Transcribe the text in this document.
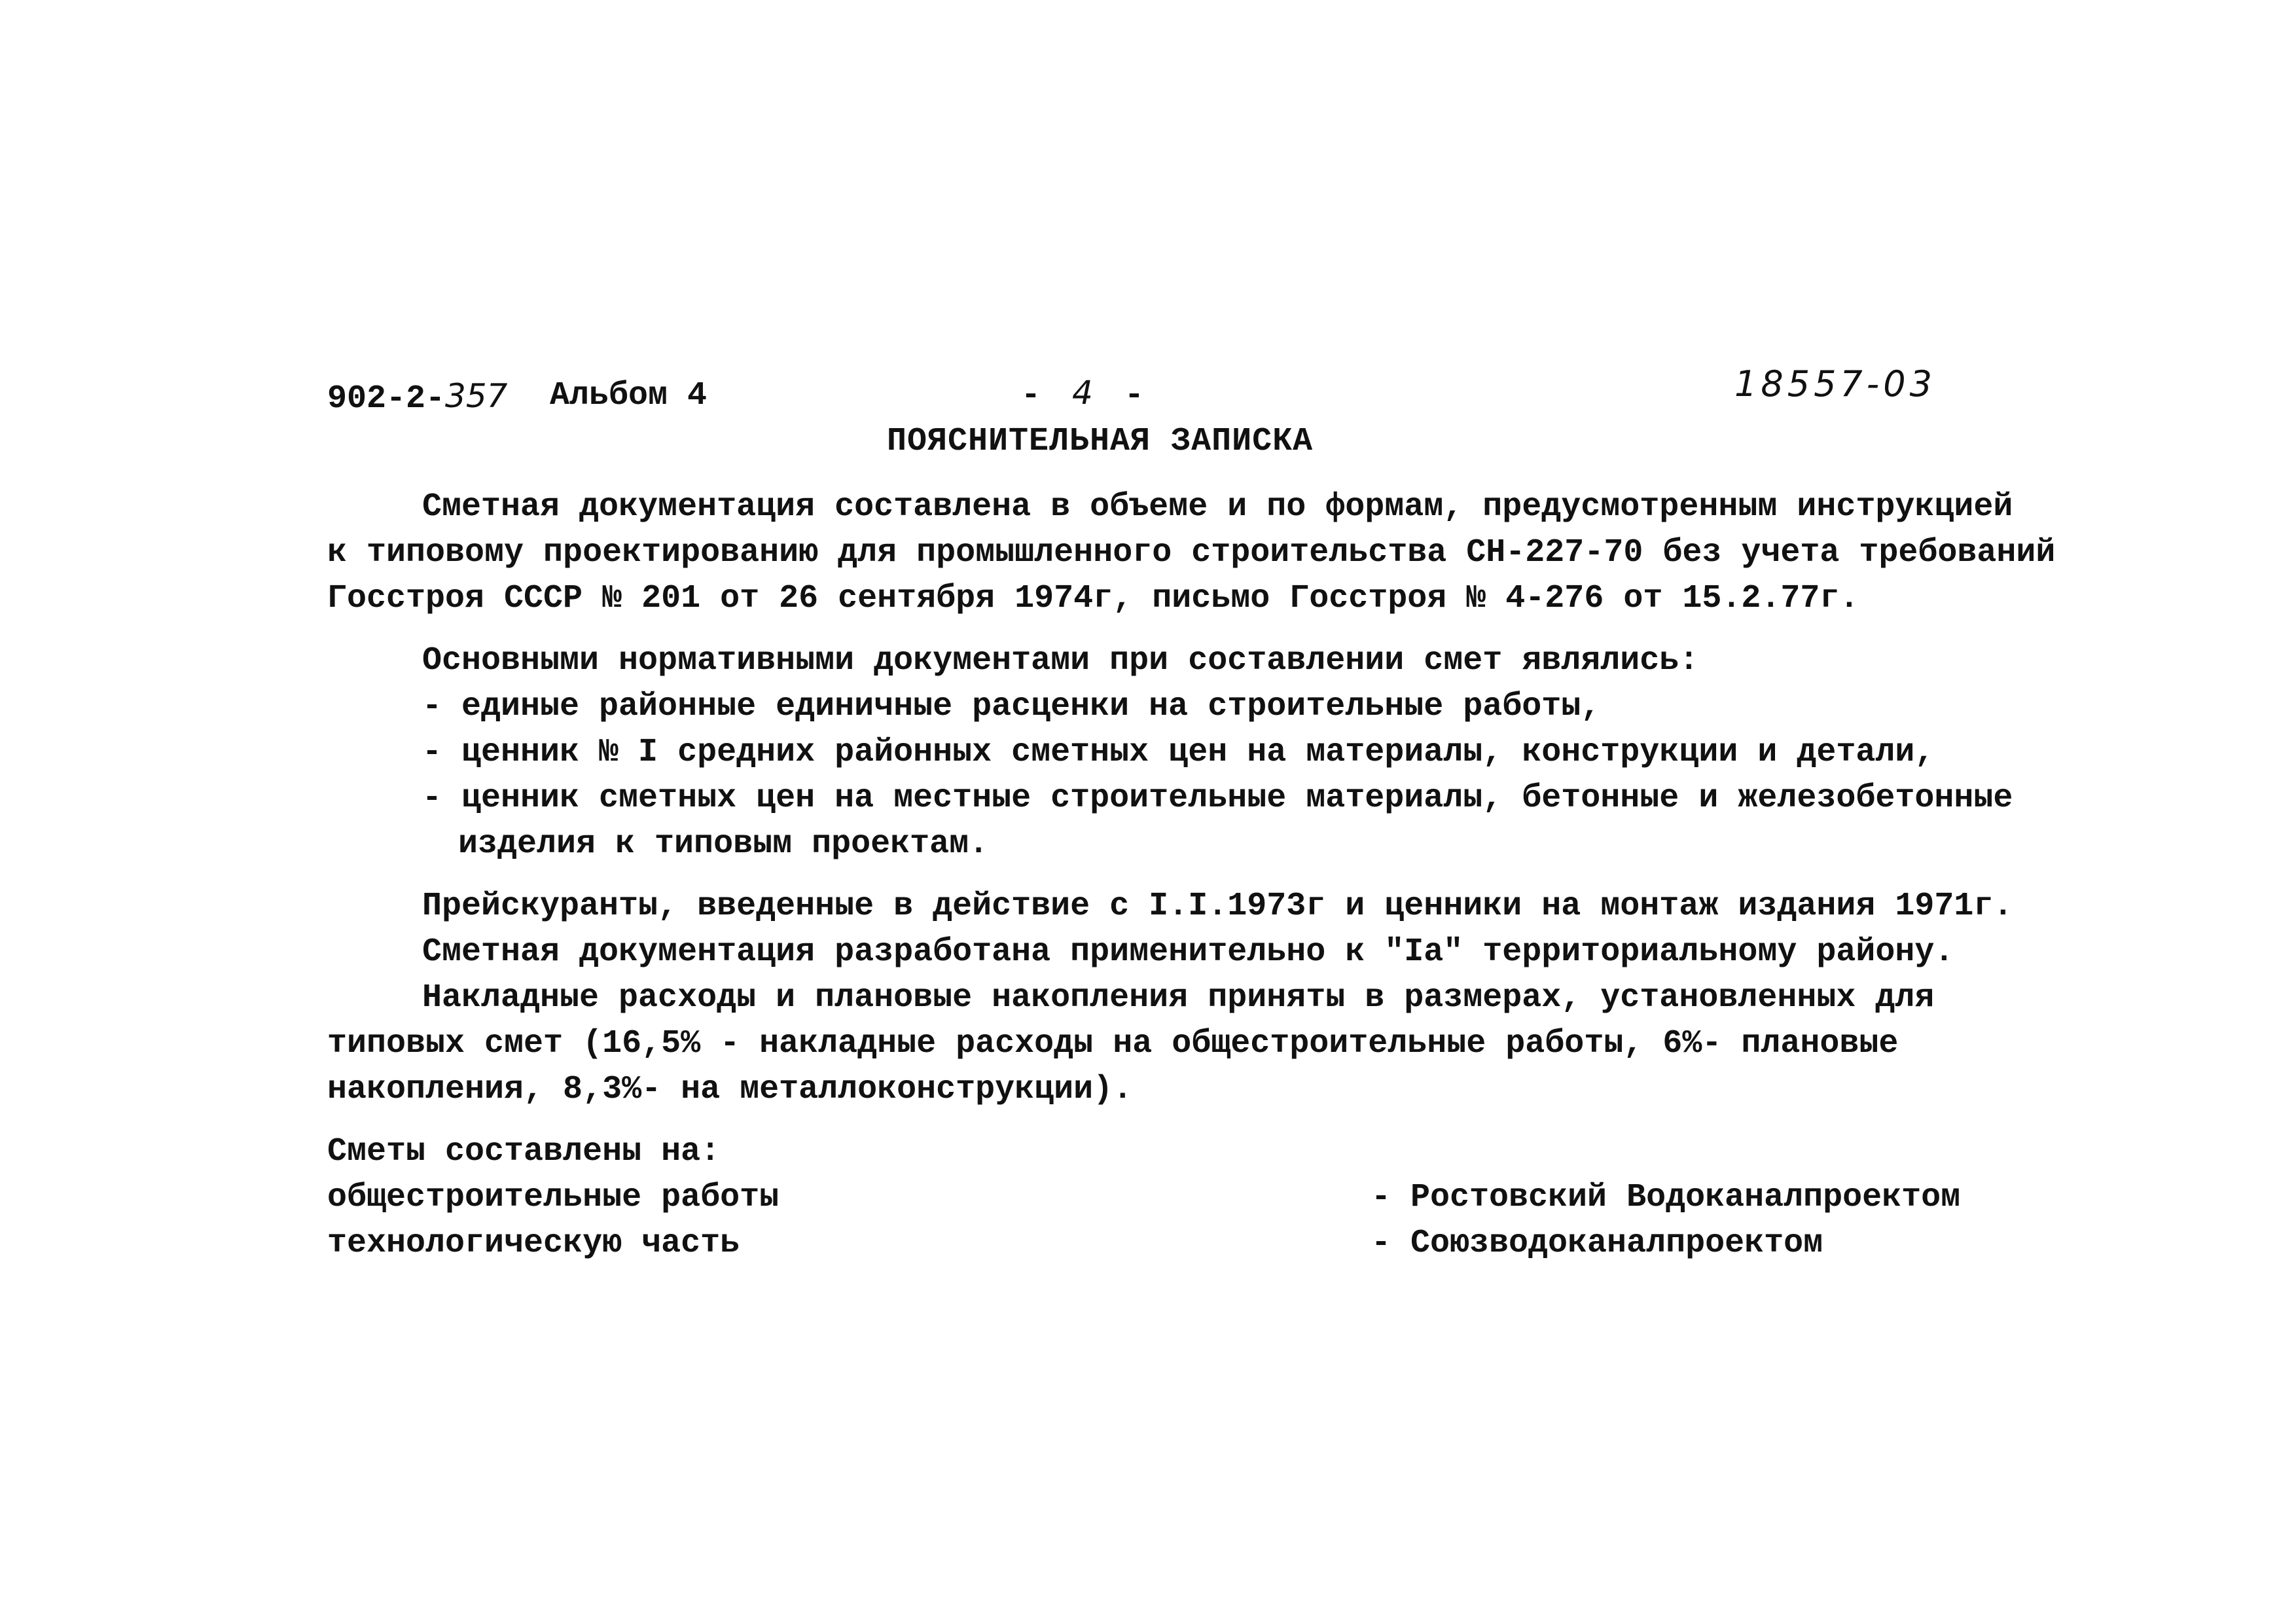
902-2-357 Альбом 4	- 4 -	18557-03
ПОЯСНИТЕЛЬНАЯ ЗАПИСКА
Сметная документация составлена в объеме и по формам, предусмотренным инструкцией
к типовому проектированию для промышленного строительства СН-227-70 без учета требований
Госстроя СССР № 201 от 26 сентября 1974г, письмо Госстроя № 4-276 от 15.2.77г.
Основными нормативными документами при составлении смет являлись:
- единые районные единичные расценки на строительные работы,
- ценник № I средних районных сметных цен на материалы, конструкции и детали,
- ценник сметных цен на местные строительные материалы, бетонные и железобетонные
изделия к типовым проектам.
Прейскуранты, введенные в действие с I.I.1973г и ценники на монтаж издания 1971г.
Сметная документация разработана применительно к "Iа" территориальному району.
Накладные расходы и плановые накопления приняты в размерах, установленных для
типовых смет (16,5% - накладные расходы на общестроительные работы, 6%- плановые
накопления, 8,3%- на металлоконструкции).
Сметы составлены на:
общестроительные работы	- Ростовский Водоканалпроектом
технологическую часть	- Союзводоканалпроектом
